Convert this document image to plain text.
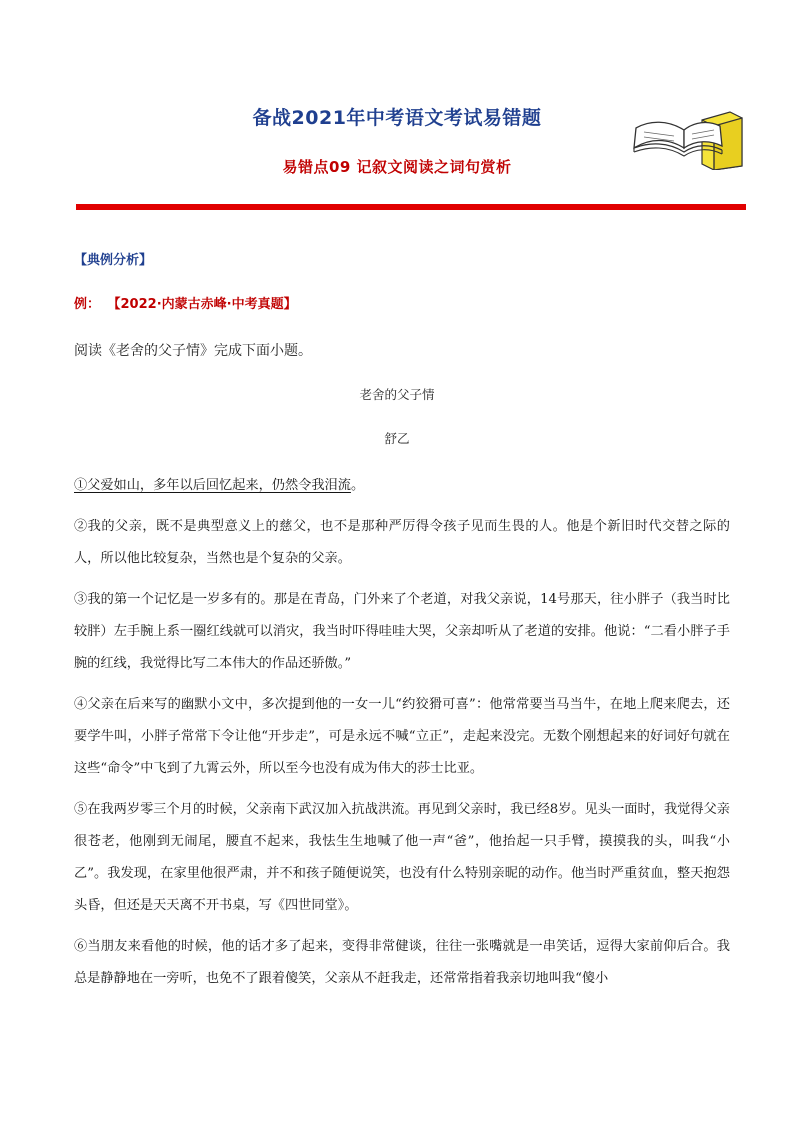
备战2021年中考语文考试易错题
易错点09 记叙文阅读之词句赏析
【典例分析】
例： 【2022·内蒙古赤峰·中考真题】
阅读《老舍的父子情》完成下面小题。
老舍的父子情
舒乙

①父爱如山，多年以后回忆起来，仍然令我泪流。

②我的父亲，既不是典型意义上的慈父，也不是那种严厉得令孩子见而生畏的人。他是个新旧时代交替之际的人，所以他比较复杂，当然也是个复杂的父亲。

③我的第一个记忆是一岁多有的。那是在青岛，门外来了个老道，对我父亲说，14号那天，往小胖子（我当时比较胖）左手腕上系一圈红线就可以消灾，我当时吓得哇哇大哭，父亲却听从了老道的安排。他说：“二看小胖子手腕的红线，我觉得比写二本伟大的作品还骄傲。”

④父亲在后来写的幽默小文中，多次提到他的一女一儿“约狡猾可喜”：他常常要当马当牛，在地上爬来爬去，还要学牛叫，小胖子常常下令让他“开步走”，可是永远不喊“立正”，走起来没完。无数个刚想起来的好词好句就在这些“命令”中飞到了九霄云外，所以至今也没有成为伟大的莎士比亚。

⑤在我两岁零三个月的时候，父亲南下武汉加入抗战洪流。再见到父亲时，我已经8岁。见头一面时，我觉得父亲很苍老，他刚到无闹尾，腰直不起来，我怯生生地喊了他一声“爸”，他抬起一只手臂，摸摸我的头，叫我“小乙”。我发现，在家里他很严肃，并不和孩子随便说笑，也没有什么特别亲昵的动作。他当时严重贫血，整天抱怨头昏，但还是天天离不开书桌，写《四世同堂》。

⑥当朋友来看他的时候，他的话才多了起来，变得非常健谈，往往一张嘴就是一串笑话，逗得大家前仰后合。我总是静静地在一旁听，也免不了跟着傻笑，父亲从不赶我走，还常常指着我亲切地叫我“傻小
